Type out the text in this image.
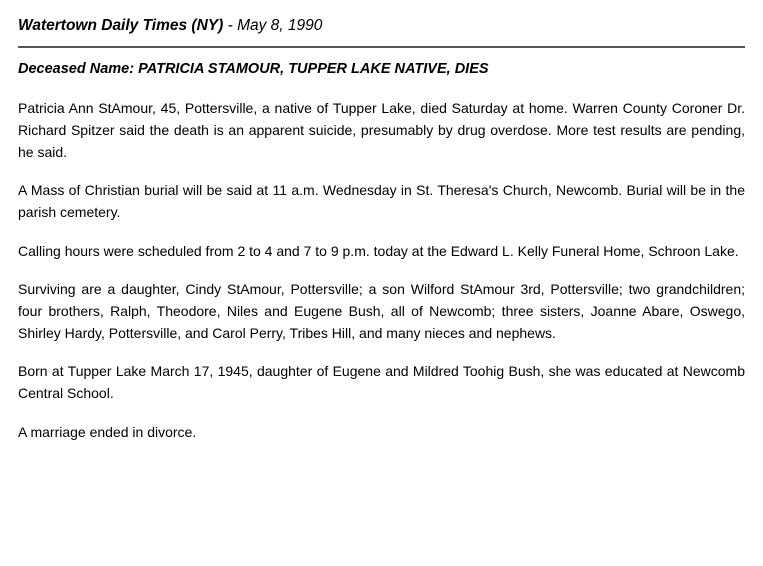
Watertown Daily Times (NY) - May 8, 1990
Deceased Name: PATRICIA STAMOUR, TUPPER LAKE NATIVE, DIES

Patricia Ann StAmour, 45, Pottersville, a native of Tupper Lake, died Saturday at home. Warren County Coroner Dr. Richard Spitzer said the death is an apparent suicide, presumably by drug overdose. More test results are pending, he said.

A Mass of Christian burial will be said at 11 a.m. Wednesday in St. Theresa's Church, Newcomb. Burial will be in the parish cemetery.

Calling hours were scheduled from 2 to 4 and 7 to 9 p.m. today at the Edward L. Kelly Funeral Home, Schroon Lake.

Surviving are a daughter, Cindy StAmour, Pottersville; a son Wilford StAmour 3rd, Pottersville; two grandchildren; four brothers, Ralph, Theodore, Niles and Eugene Bush, all of Newcomb; three sisters, Joanne Abare, Oswego, Shirley Hardy, Pottersville, and Carol Perry, Tribes Hill, and many nieces and nephews.

Born at Tupper Lake March 17, 1945, daughter of Eugene and Mildred Toohig Bush, she was educated at Newcomb Central School.

A marriage ended in divorce.
